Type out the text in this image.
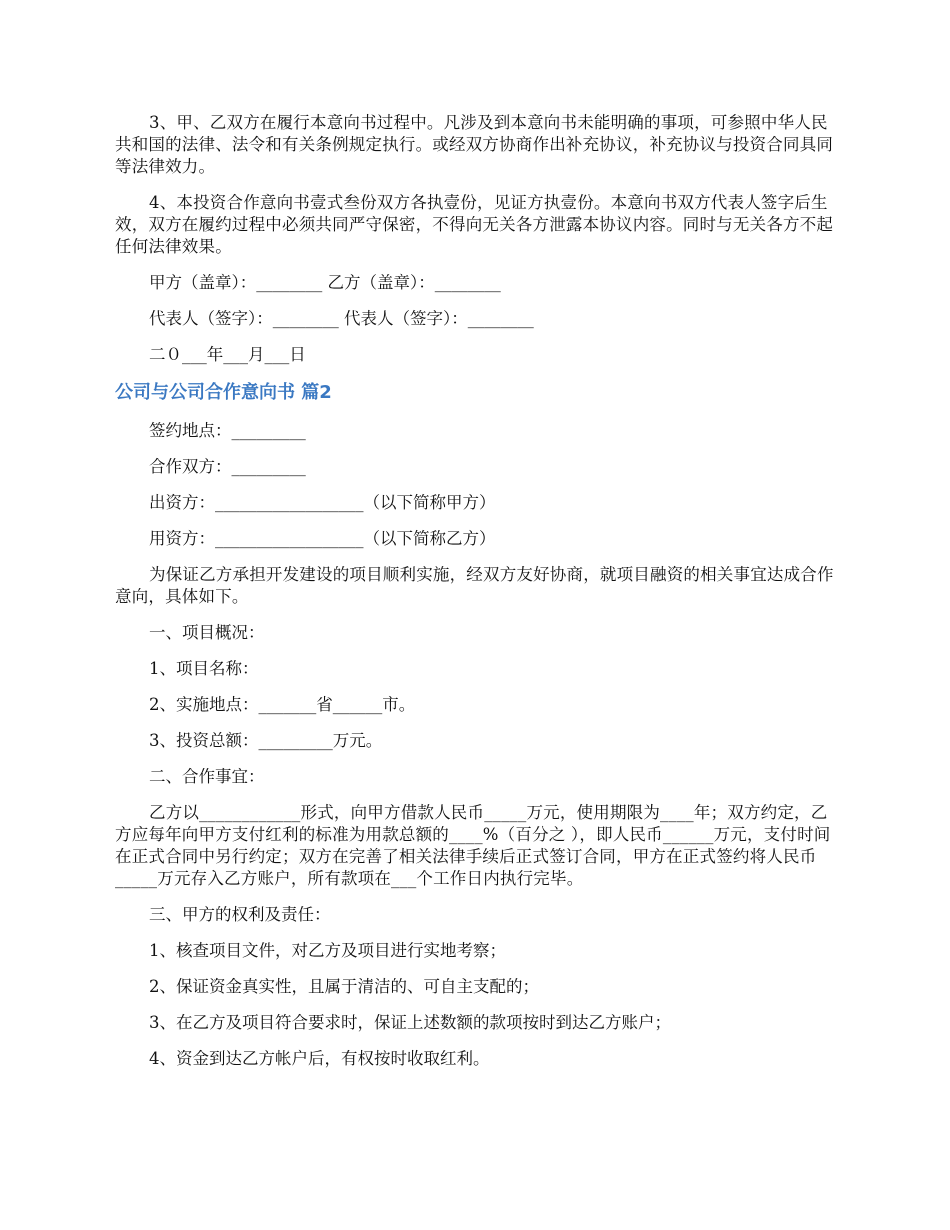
3、甲、乙双方在履行本意向书过程中。凡涉及到本意向书未能明确的事项，可参照中华人民共和国的法律、法令和有关条例规定执行。或经双方协商作出补充协议，补充协议与投资合同具同等法律效力。

4、本投资合作意向书壹式叁份双方各执壹份，见证方执壹份。本意向书双方代表人签字后生效，双方在履约过程中必须共同严守保密，不得向无关各方泄露本协议内容。同时与无关各方不起任何法律效果。

甲方（盖章）：________ 乙方（盖章）：________

代表人（签字）：________ 代表人（签字）：________

二０___年___月___日

公司与公司合作意向书 篇2

签约地点：_________

合作双方：_________

出资方：__________________（以下简称甲方）

用资方：__________________（以下简称乙方）

为保证乙方承担开发建设的项目顺利实施，经双方友好协商，就项目融资的相关事宜达成合作意向，具体如下。

一、项目概况：

1、项目名称：

2、实施地点：_______省______市。

3、投资总额：_________万元。

二、合作事宜：

乙方以____________形式，向甲方借款人民币_____万元，使用期限为____年；双方约定，乙方应每年向甲方支付红利的标准为用款总额的____%（百分之 ），即人民币______万元，支付时间在正式合同中另行约定；双方在完善了相关法律手续后正式签订合同，甲方在正式签约将人民币_____万元存入乙方账户，所有款项在___个工作日内执行完毕。

三、甲方的权利及责任：

1、核查项目文件，对乙方及项目进行实地考察；

2、保证资金真实性，且属于清洁的、可自主支配的；

3、在乙方及项目符合要求时，保证上述数额的款项按时到达乙方账户；

4、资金到达乙方帐户后，有权按时收取红利。
